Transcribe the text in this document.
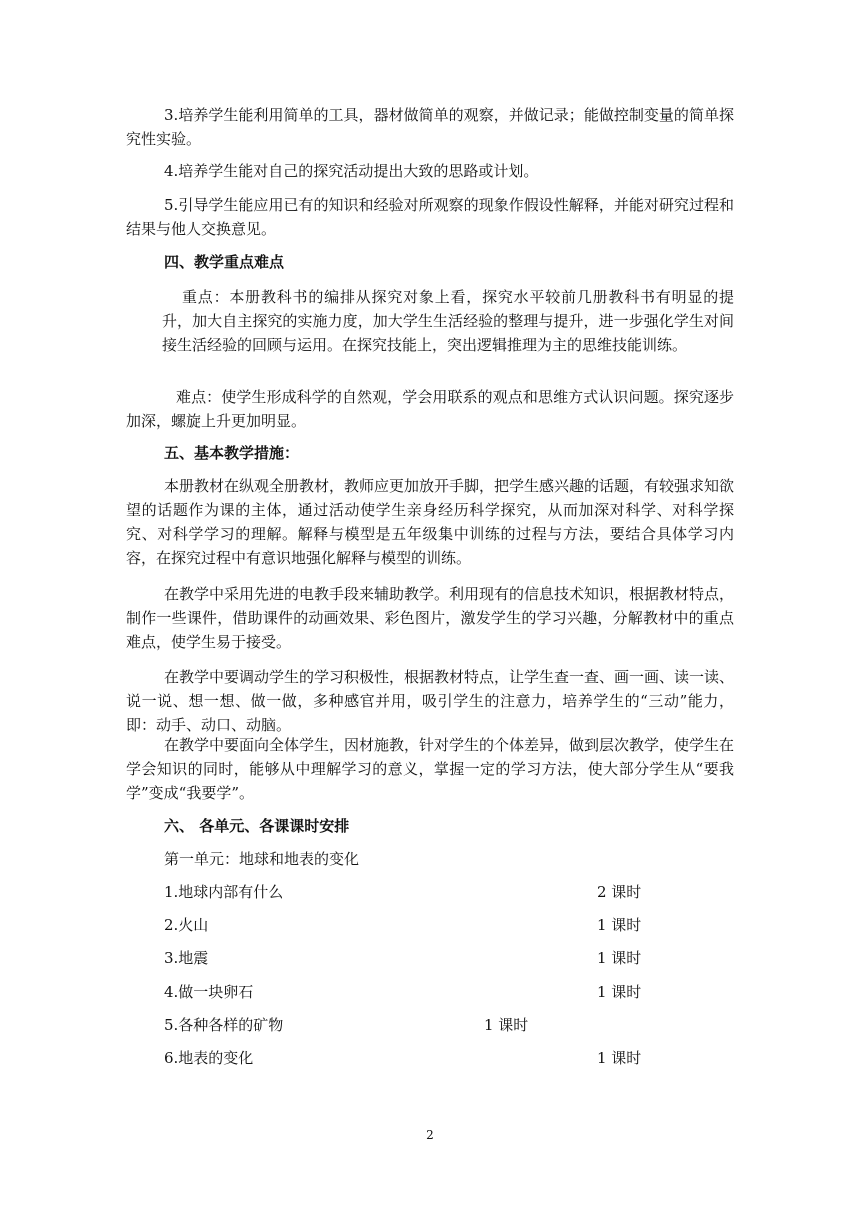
3.培养学生能利用简单的工具，器材做简单的观察，并做记录；能做控制变量的简单探究性实验。

4.培养学生能对自己的探究活动提出大致的思路或计划。

5.引导学生能应用已有的知识和经验对所观察的现象作假设性解释，并能对研究过程和结果与他人交换意见。

四、教学重点难点

重点：本册教科书的编排从探究对象上看，探究水平较前几册教科书有明显的提升，加大自主探究的实施力度，加大学生生活经验的整理与提升，进一步强化学生对间接生活经验的回顾与运用。在探究技能上，突出逻辑推理为主的思维技能训练。

难点：使学生形成科学的自然观，学会用联系的观点和思维方式认识问题。探究逐步加深，螺旋上升更加明显。

五、基本教学措施：

本册教材在纵观全册教材，教师应更加放开手脚，把学生感兴趣的话题，有较强求知欲望的话题作为课的主体，通过活动使学生亲身经历科学探究，从而加深对科学、对科学探究、对科学学习的理解。解释与模型是五年级集中训练的过程与方法，要结合具体学习内容，在探究过程中有意识地强化解释与模型的训练。

在教学中采用先进的电教手段来辅助教学。利用现有的信息技术知识，根据教材特点，制作一些课件，借助课件的动画效果、彩色图片，激发学生的学习兴趣，分解教材中的重点难点，使学生易于接受。

在教学中要调动学生的学习积极性，根据教材特点，让学生查一查、画一画、读一读、说一说、想一想、做一做，多种感官并用，吸引学生的注意力，培养学生的“三动”能力，即：动手、动口、动脑。

在教学中要面向全体学生，因材施教，针对学生的个体差异，做到层次教学，使学生在学会知识的同时，能够从中理解学习的意义，掌握一定的学习方法，使大部分学生从“要我学”变成“我要学”。

六、 各单元、各课课时安排

第一单元：地球和地表的变化

1.地球内部有什么	2 课时

2.火山	1 课时

3.地震	1 课时

4.做一块卵石	1 课时

5.各种各样的矿物	1 课时

6.地表的变化	1 课时

2
